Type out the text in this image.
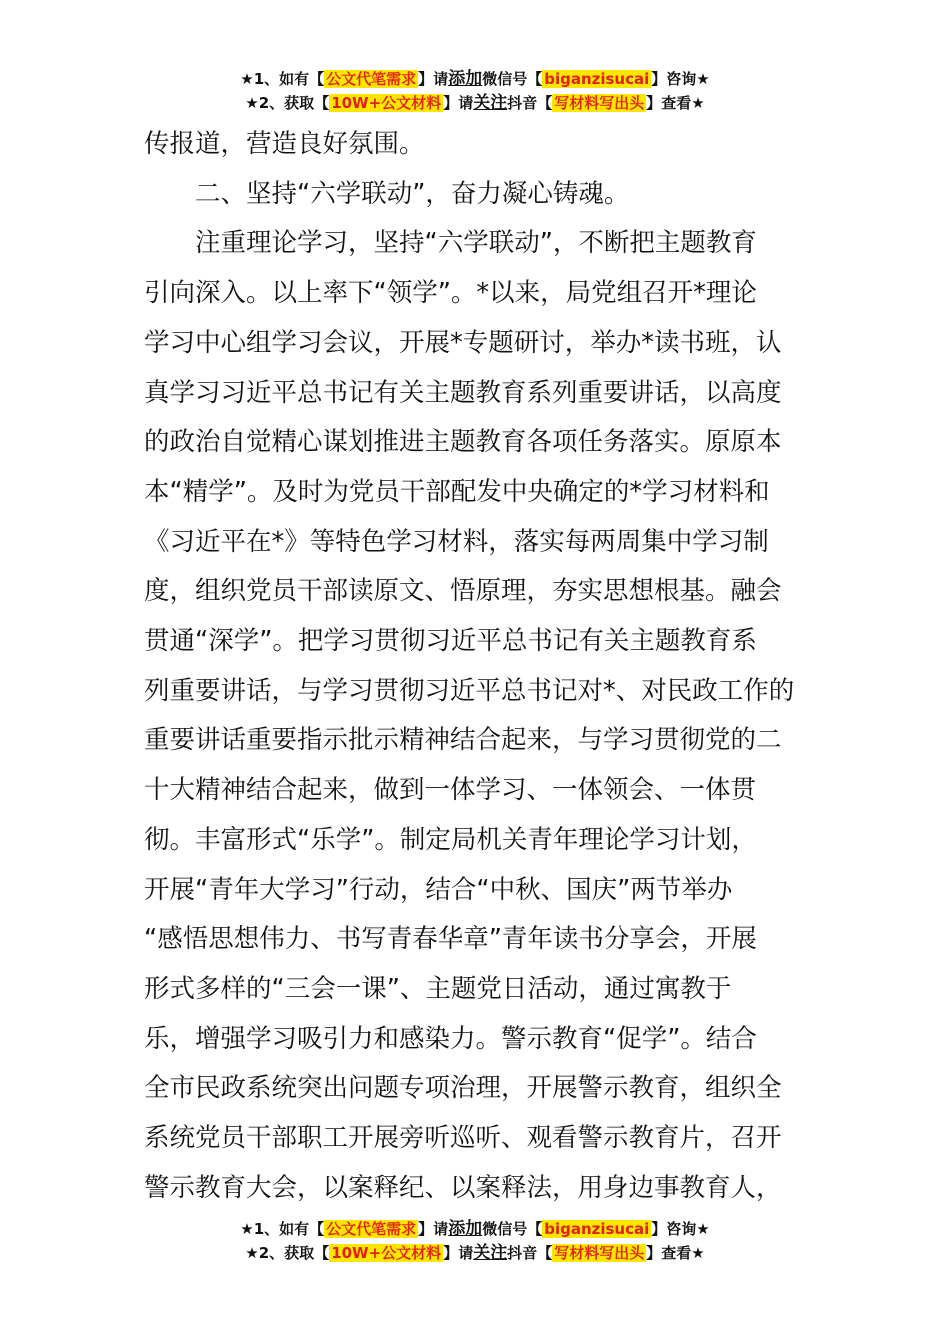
★1、如有【 公文代笔需求 】请添加微信号【 biganzisucai 】咨询★
★2、获取【 10W+公文材料 】请关注抖音【 写材料写出头 】查看★

传报道，营造良好氛围。

二、坚持“六学联动”，奋力凝心铸魂。

注重理论学习，坚持“六学联动”，不断把主题教育
引向深入。以上率下“领学”。*以来，局党组召开*理论
学习中心组学习会议，开展*专题研讨，举办*读书班，认
真学习习近平总书记有关主题教育系列重要讲话，以高度
的政治自觉精心谋划推进主题教育各项任务落实。原原本
本“精学”。及时为党员干部配发中央确定的*学习材料和
《习近平在*》等特色学习材料，落实每两周集中学习制
度，组织党员干部读原文、悟原理，夯实思想根基。融会
贯通“深学”。把学习贯彻习近平总书记有关主题教育系
列重要讲话，与学习贯彻习近平总书记对*、对民政工作的
重要讲话重要指示批示精神结合起来，与学习贯彻党的二
十大精神结合起来，做到一体学习、一体领会、一体贯
彻。丰富形式“乐学”。制定局机关青年理论学习计划，
开展“青年大学习”行动，结合“中秋、国庆”两节举办
“感悟思想伟力、书写青春华章”青年读书分享会，开展
形式多样的“三会一课”、主题党日活动，通过寓教于
乐，增强学习吸引力和感染力。警示教育“促学”。结合
全市民政系统突出问题专项治理，开展警示教育，组织全
系统党员干部职工开展旁听巡听、观看警示教育片，召开
警示教育大会，以案释纪、以案释法，用身边事教育人，
★1、如有【 公文代笔需求 】请添加微信号【 biganzisucai 】咨询★
★2、获取【 10W+公文材料 】请关注抖音【 写材料写出头 】查看★
